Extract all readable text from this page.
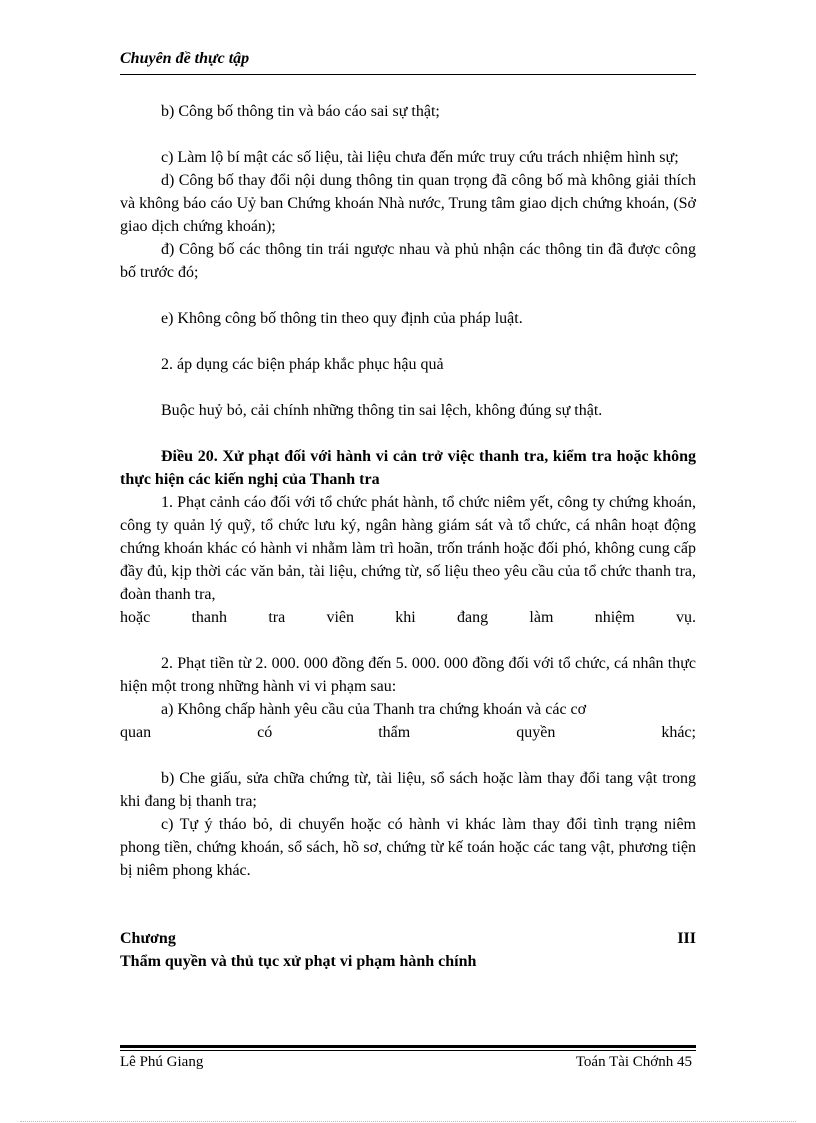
Chuyên đề thực tập

b) Công bố thông tin và báo cáo sai sự thật;

c) Làm lộ bí mật các số liệu, tài liệu chưa đến mức truy cứu trách nhiệm hình sự;

d) Công bố thay đổi nội dung thông tin quan trọng đã công bố mà không giải thích và không báo cáo Uỷ ban Chứng khoán Nhà nước, Trung tâm giao dịch chứng khoán, (Sở giao dịch chứng khoán);

đ) Công bố các thông tin trái ngược nhau và phủ nhận các thông tin đã được công bố trước đó;

e) Không công bố thông tin theo quy định của pháp luật.

2. áp dụng các biện pháp khắc phục hậu quả

Buộc huỷ bỏ, cải chính những thông tin sai lệch, không đúng sự thật.

Điều 20. Xử phạt đối với hành vi cản trở việc thanh tra, kiểm tra hoặc không thực hiện các kiến nghị của Thanh tra

1. Phạt cảnh cáo đối với tổ chức phát hành, tổ chức niêm yết, công ty chứng khoán, công ty quản lý quỹ, tổ chức lưu ký, ngân hàng giám sát và tổ chức, cá nhân hoạt động chứng khoán khác có hành vi nhằm làm trì hoãn, trốn tránh hoặc đối phó, không cung cấp đầy đủ, kịp thời các văn bản, tài liệu, chứng từ, số liệu theo yêu cầu của tổ chức thanh tra, đoàn thanh tra,

hoặc	thanh	tra	viên	khi	đang	làm	nhiệm	vụ.

2. Phạt tiền từ 2. 000. 000 đồng đến 5. 000. 000 đồng đối với tổ chức, cá nhân thực hiện một trong những hành vi vi phạm sau:

a) Không chấp hành yêu cầu của Thanh tra chứng khoán và các cơ

quan	có	thẩm	quyền	khác;

b) Che giấu, sửa chữa chứng từ, tài liệu, sổ sách hoặc làm thay đổi tang vật trong khi đang bị thanh tra;

c) Tự ý tháo bỏ, di chuyển hoặc có hành vi khác làm thay đổi tình trạng niêm phong tiền, chứng khoán, sổ sách, hồ sơ, chứng từ kế toán hoặc các tang vật, phương tiện bị niêm phong khác.

Chương	III
Thẩm quyền và thủ tục xử phạt vi phạm hành chính
Lê Phú Giang	Toán Tài Chớnh 45
